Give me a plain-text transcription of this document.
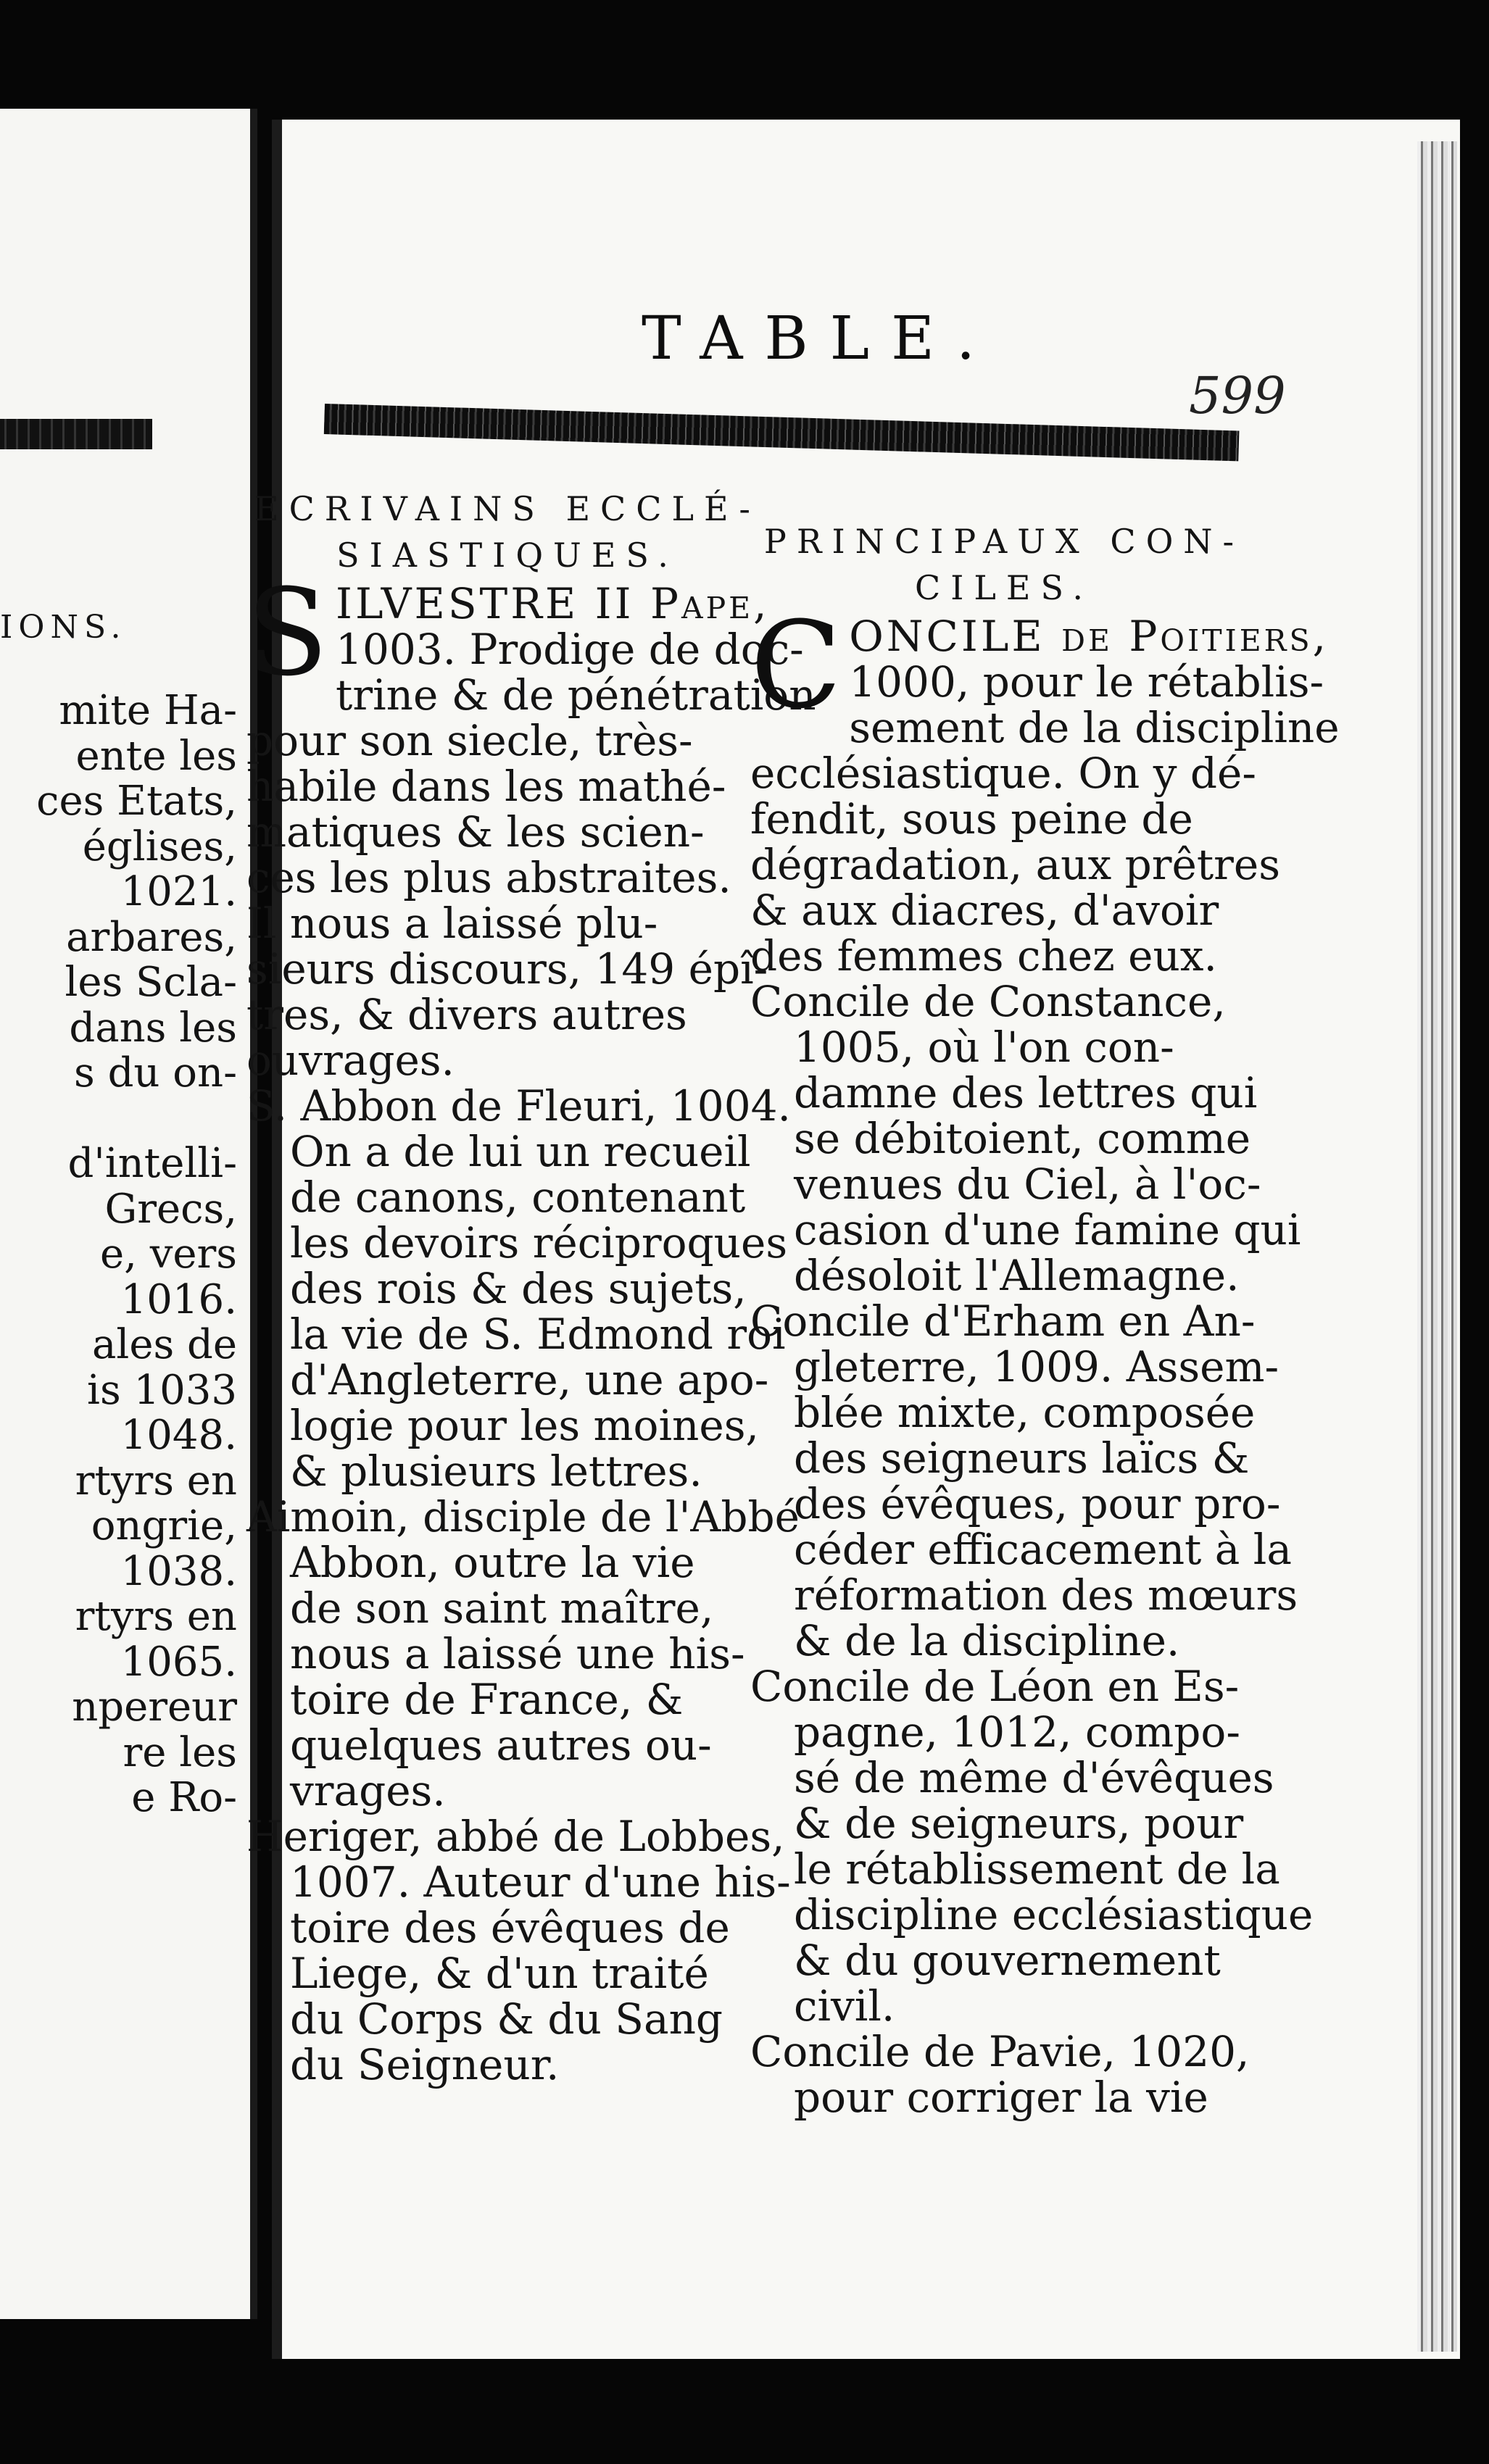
IONS.
mite Ha-
ente les
ces Etats,
églises,
1021.
arbares,
les Scla-
dans les
s du on-

d'intelli-
Grecs,
e, vers
1016.
ales de
is 1033
1048.
rtyrs en
ongrie,
1038.
rtyrs en
1065.
npereur
re les
e Ro-
TABLE.
599
ECRIVAINS ECCLÉ-
SIASTIQUES.

S ILVESTRE II Pape,
1003. Prodige de doc-
trine & de pénétration
pour son siecle, très-
habile dans les mathé-
matiques & les scien-
ces les plus abstraites.
Il nous a laissé plu-
sieurs discours, 149 épî-
tres, & divers autres
ouvrages.

S. Abbon de Fleuri, 1004.
On a de lui un recueil
de canons, contenant
les devoirs réciproques
des rois & des sujets,
la vie de S. Edmond roi
d'Angleterre, une apo-
logie pour les moines,
& plusieurs lettres.

Aimoin, disciple de l'Abbé
Abbon, outre la vie
de son saint maître,
nous a laissé une his-
toire de France, &
quelques autres ou-
vrages.

Heriger, abbé de Lobbes,
1007. Auteur d'une his-
toire des évêques de
Liege, & d'un traité
du Corps & du Sang
du Seigneur.

PRINCIPAUX CON-
CILES.

C ONCILE de Poitiers,
1000, pour le rétablis-
sement de la discipline
ecclésiastique. On y dé-
fendit, sous peine de
dégradation, aux prêtres
& aux diacres, d'avoir
des femmes chez eux.

Concile de Constance,
1005, où l'on con-
damne des lettres qui
se débitoient, comme
venues du Ciel, à l'oc-
casion d'une famine qui
désoloit l'Allemagne.

Concile d'Erham en An-
gleterre, 1009. Assem-
blée mixte, composée
des seigneurs laïcs &
des évêques, pour pro-
céder efficacement à la
réformation des mœurs
& de la discipline.

Concile de Léon en Es-
pagne, 1012, compo-
sé de même d'évêques
& de seigneurs, pour
le rétablissement de la
discipline ecclésiastique
& du gouvernement
civil.

Concile de Pavie, 1020,
pour corriger la vie
